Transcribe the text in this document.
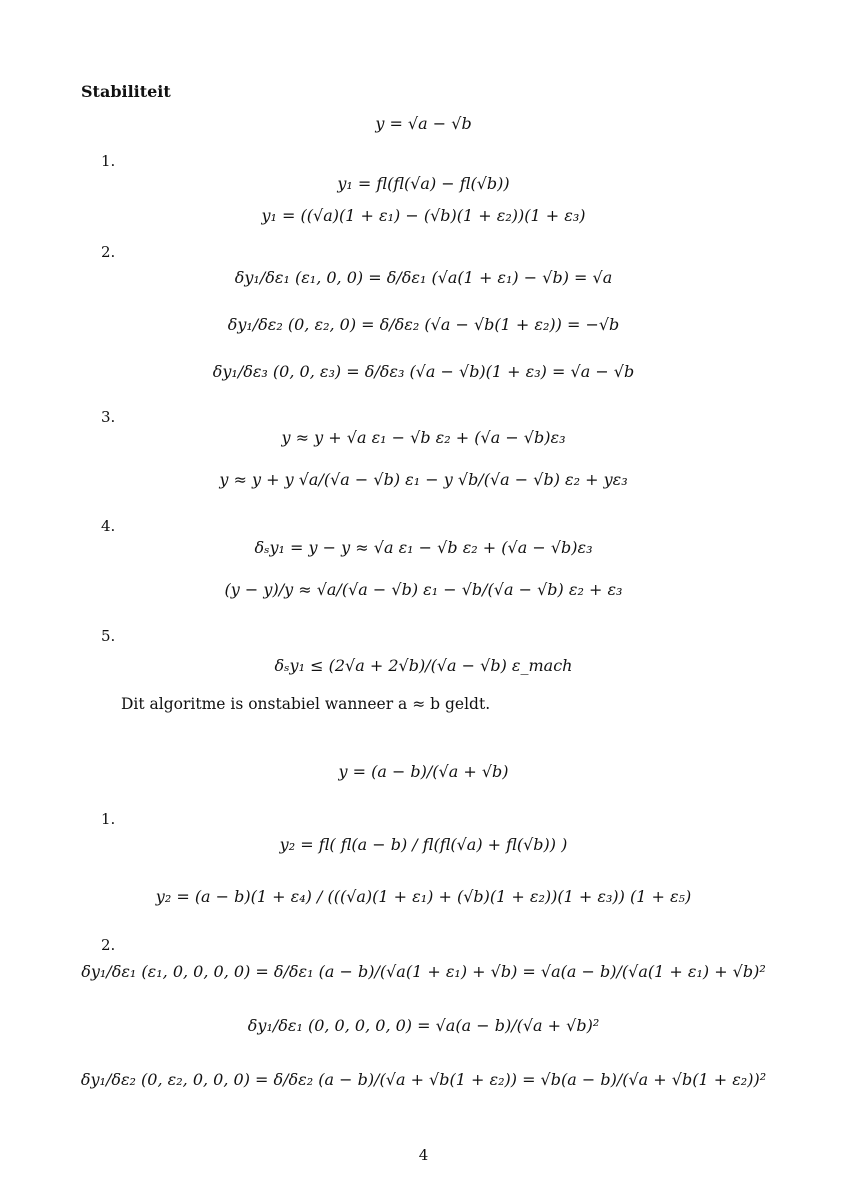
Stabiliteit
y = √a − √b
1.
y₁ = fl(fl(√a) − fl(√b))
y₁ = ((√a)(1 + ε₁) − (√b)(1 + ε₂))(1 + ε₃)
2.
δy₁/δε₁ (ε₁, 0, 0) = δ/δε₁ (√a(1 + ε₁) − √b) = √a
δy₁/δε₂ (0, ε₂, 0) = δ/δε₂ (√a − √b(1 + ε₂)) = −√b
δy₁/δε₃ (0, 0, ε₃) = δ/δε₃ (√a − √b)(1 + ε₃) = √a − √b
3.
y ≈ y + √a ε₁ − √b ε₂ + (√a − √b)ε₃
y ≈ y + y √a/(√a − √b) ε₁ − y √b/(√a − √b) ε₂ + yε₃
4.
δₛy₁ = y − y ≈ √a ε₁ − √b ε₂ + (√a − √b)ε₃
(y − y)/y ≈ √a/(√a − √b) ε₁ − √b/(√a − √b) ε₂ + ε₃
5.
δₛy₁ ≤ (2√a + 2√b)/(√a − √b) ε_mach
Dit algoritme is onstabiel wanneer a ≈ b geldt.
y = (a − b)/(√a + √b)
1.
y₂ = fl( fl(a − b) / fl(fl(√a) + fl(√b)) )
y₂ = (a − b)(1 + ε₄) / (((√a)(1 + ε₁) + (√b)(1 + ε₂))(1 + ε₃)) (1 + ε₅)
2.
δy₁/δε₁ (ε₁, 0, 0, 0, 0) = δ/δε₁ (a − b)/(√a(1 + ε₁) + √b) = √a(a − b)/(√a(1 + ε₁) + √b)²
δy₁/δε₁ (0, 0, 0, 0, 0) = √a(a − b)/(√a + √b)²
δy₁/δε₂ (0, ε₂, 0, 0, 0) = δ/δε₂ (a − b)/(√a + √b(1 + ε₂)) = √b(a − b)/(√a + √b(1 + ε₂))²
4
